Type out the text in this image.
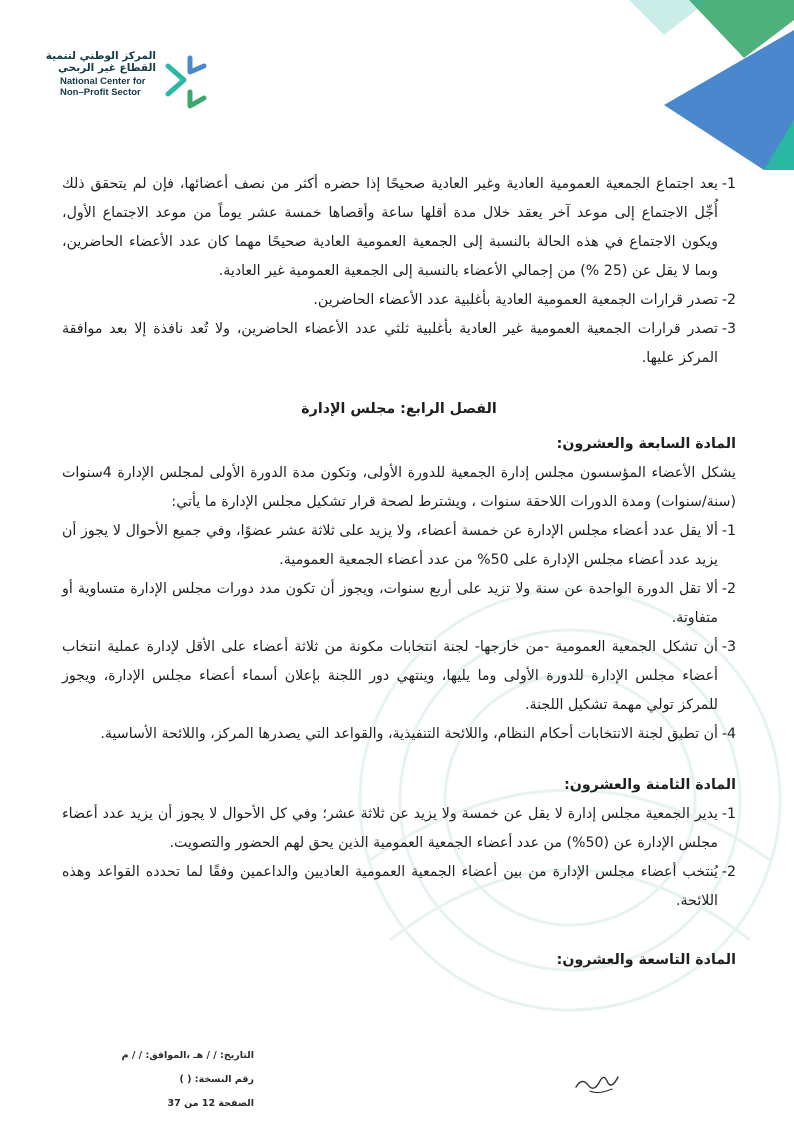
المركز الوطني لتنمية
القطاع غير الربحي
National Center for
Non–Profit Sector
1-
يعد اجتماع الجمعية العمومية العادية وغير العادية صحيحًا إذا حضره أكثر من نصف أعضائها، فإن لم يتحقق ذلك أُجِّل الاجتماع إلى موعد آخر يعقد خلال مدة أقلها ساعة وأقصاها خمسة عشر يوماً من موعد الاجتماع الأول، ويكون الاجتماع في هذه الحالة بالنسبة إلى الجمعية العمومية العادية صحيحًا مهما كان عدد الأعضاء الحاضرين، وبما لا يقل عن (25 %) من إجمالي الأعضاء بالنسبة إلى الجمعية العمومية غير العادية.
2-
تصدر قرارات الجمعية العمومية العادية بأغلبية عدد الأعضاء الحاضرين.
3-
تصدر قرارات الجمعية العمومية غير العادية بأغلبية ثلثي عدد الأعضاء الحاضرين، ولا تُعد نافذة إلا بعد موافقة المركز عليها.
الفصل الرابع: مجلس الإدارة
المادة السابعة والعشرون:
يشكل الأعضاء المؤسسون مجلس إدارة الجمعية للدورة الأولى، وتكون مدة الدورة الأولى لمجلس الإدارة 4سنوات (سنة/سنوات) ومدة الدورات اللاحقة سنوات ، ويشترط لصحة قرار تشكيل مجلس الإدارة ما يأتي:
1-
ألا يقل عدد أعضاء مجلس الإدارة عن خمسة أعضاء، ولا يزيد على ثلاثة عشر عضوًا، وفي جميع الأحوال لا يجوز أن يزيد عدد أعضاء مجلس الإدارة على 50% من عدد أعضاء الجمعية العمومية.
2-
ألا تقل الدورة الواحدة عن سنة ولا تزيد على أربع سنوات، ويجوز أن تكون مدد دورات مجلس الإدارة متساوية أو متفاوتة.
3-
أن تشكل الجمعية العمومية -من خارجها- لجنة انتخابات مكونة من ثلاثة أعضاء على الأقل لإدارة عملية انتخاب أعضاء مجلس الإدارة للدورة الأولى وما يليها، وينتهي دور اللجنة بإعلان أسماء أعضاء مجلس الإدارة، ويجوز للمركز تولي مهمة تشكيل اللجنة.
4-
أن تطبق لجنة الانتخابات أحكام النظام، واللائحة التنفيذية، والقواعد التي يصدرها المركز، واللائحة الأساسية.
المادة الثامنة والعشرون:
1-
يدير الجمعية مجلس إدارة لا يقل عن خمسة ولا يزيد عن ثلاثة عشر؛ وفي كل الأحوال لا يجوز أن يزيد عدد أعضاء مجلس الإدارة عن (50%) من عدد أعضاء الجمعية العمومية الذين يحق لهم الحضور والتصويت.
2-
يُنتخب أعضاء مجلس الإدارة من بين أعضاء الجمعية العمومية العاديين والداعمين وفقًا لما تحدده القواعد وهذه اللائحة.
المادة التاسعة والعشرون:
التاريخ: / / هـ ،الموافق: / / م
رقم النسخة: ( )
الصفحة 12 من 37
